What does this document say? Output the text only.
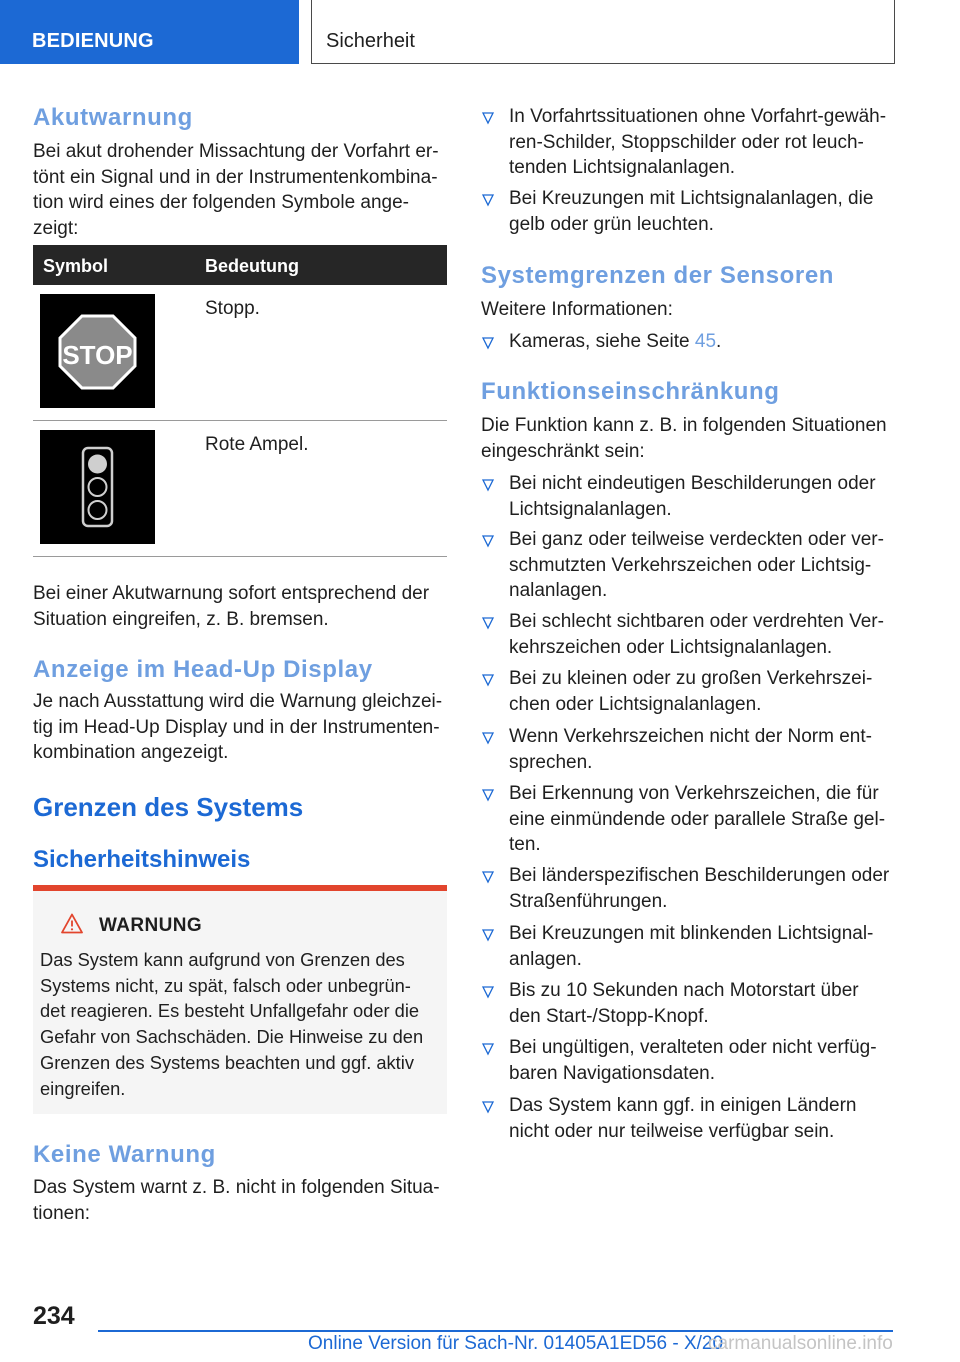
BEDIENUNG	Sicherheit
Akutwarnung
Bei akut drohender Missachtung der Vorfahrt er-
tönt ein Signal und in der Instrumentenkombina-
tion wird eines der folgenden Symbole ange-
zeigt:
Symbol	Bedeutung
STOP
Stopp.
Rote Ampel.
Bei einer Akutwarnung sofort entsprechend der
Situation eingreifen, z. B. bremsen.
Anzeige im Head-Up Display
Je nach Ausstattung wird die Warnung gleichzei-
tig im Head-Up Display und in der Instrumenten-
kombination angezeigt.
Grenzen des Systems
Sicherheitshinweis
WARNUNG
Das System kann aufgrund von Grenzen des
Systems nicht, zu spät, falsch oder unbegrün-
det reagieren. Es besteht Unfallgefahr oder die
Gefahr von Sachschäden. Die Hinweise zu den
Grenzen des Systems beachten und ggf. aktiv
eingreifen.
Keine Warnung
Das System warnt z. B. nicht in folgenden Situa-
tionen:
In Vorfahrtssituationen ohne Vorfahrt-gewäh-
ren-Schilder, Stoppschilder oder rot leuch-
tenden Lichtsignalanlagen.
Bei Kreuzungen mit Lichtsignalanlagen, die
gelb oder grün leuchten.
Systemgrenzen der Sensoren
Weitere Informationen:
Kameras, siehe Seite 45.
Funktionseinschränkung
Die Funktion kann z. B. in folgenden Situationen
eingeschränkt sein:
Bei nicht eindeutigen Beschilderungen oder
Lichtsignalanlagen.
Bei ganz oder teilweise verdeckten oder ver-
schmutzten Verkehrszeichen oder Lichtsig-
nalanlagen.
Bei schlecht sichtbaren oder verdrehten Ver-
kehrszeichen oder Lichtsignalanlagen.
Bei zu kleinen oder zu großen Verkehrszei-
chen oder Lichtsignalanlagen.
Wenn Verkehrszeichen nicht der Norm ent-
sprechen.
Bei Erkennung von Verkehrszeichen, die für
eine einmündende oder parallele Straße gel-
ten.
Bei länderspezifischen Beschilderungen oder
Straßenführungen.
Bei Kreuzungen mit blinkenden Lichtsignal-
anlagen.
Bis zu 10 Sekunden nach Motorstart über
den Start-/Stopp-Knopf.
Bei ungültigen, veralteten oder nicht verfüg-
baren Navigationsdaten.
Das System kann ggf. in einigen Ländern
nicht oder nur teilweise verfügbar sein.
234
Online Version für Sach-Nr. 01405A1ED56 - X/20
carmanualsonline.info
